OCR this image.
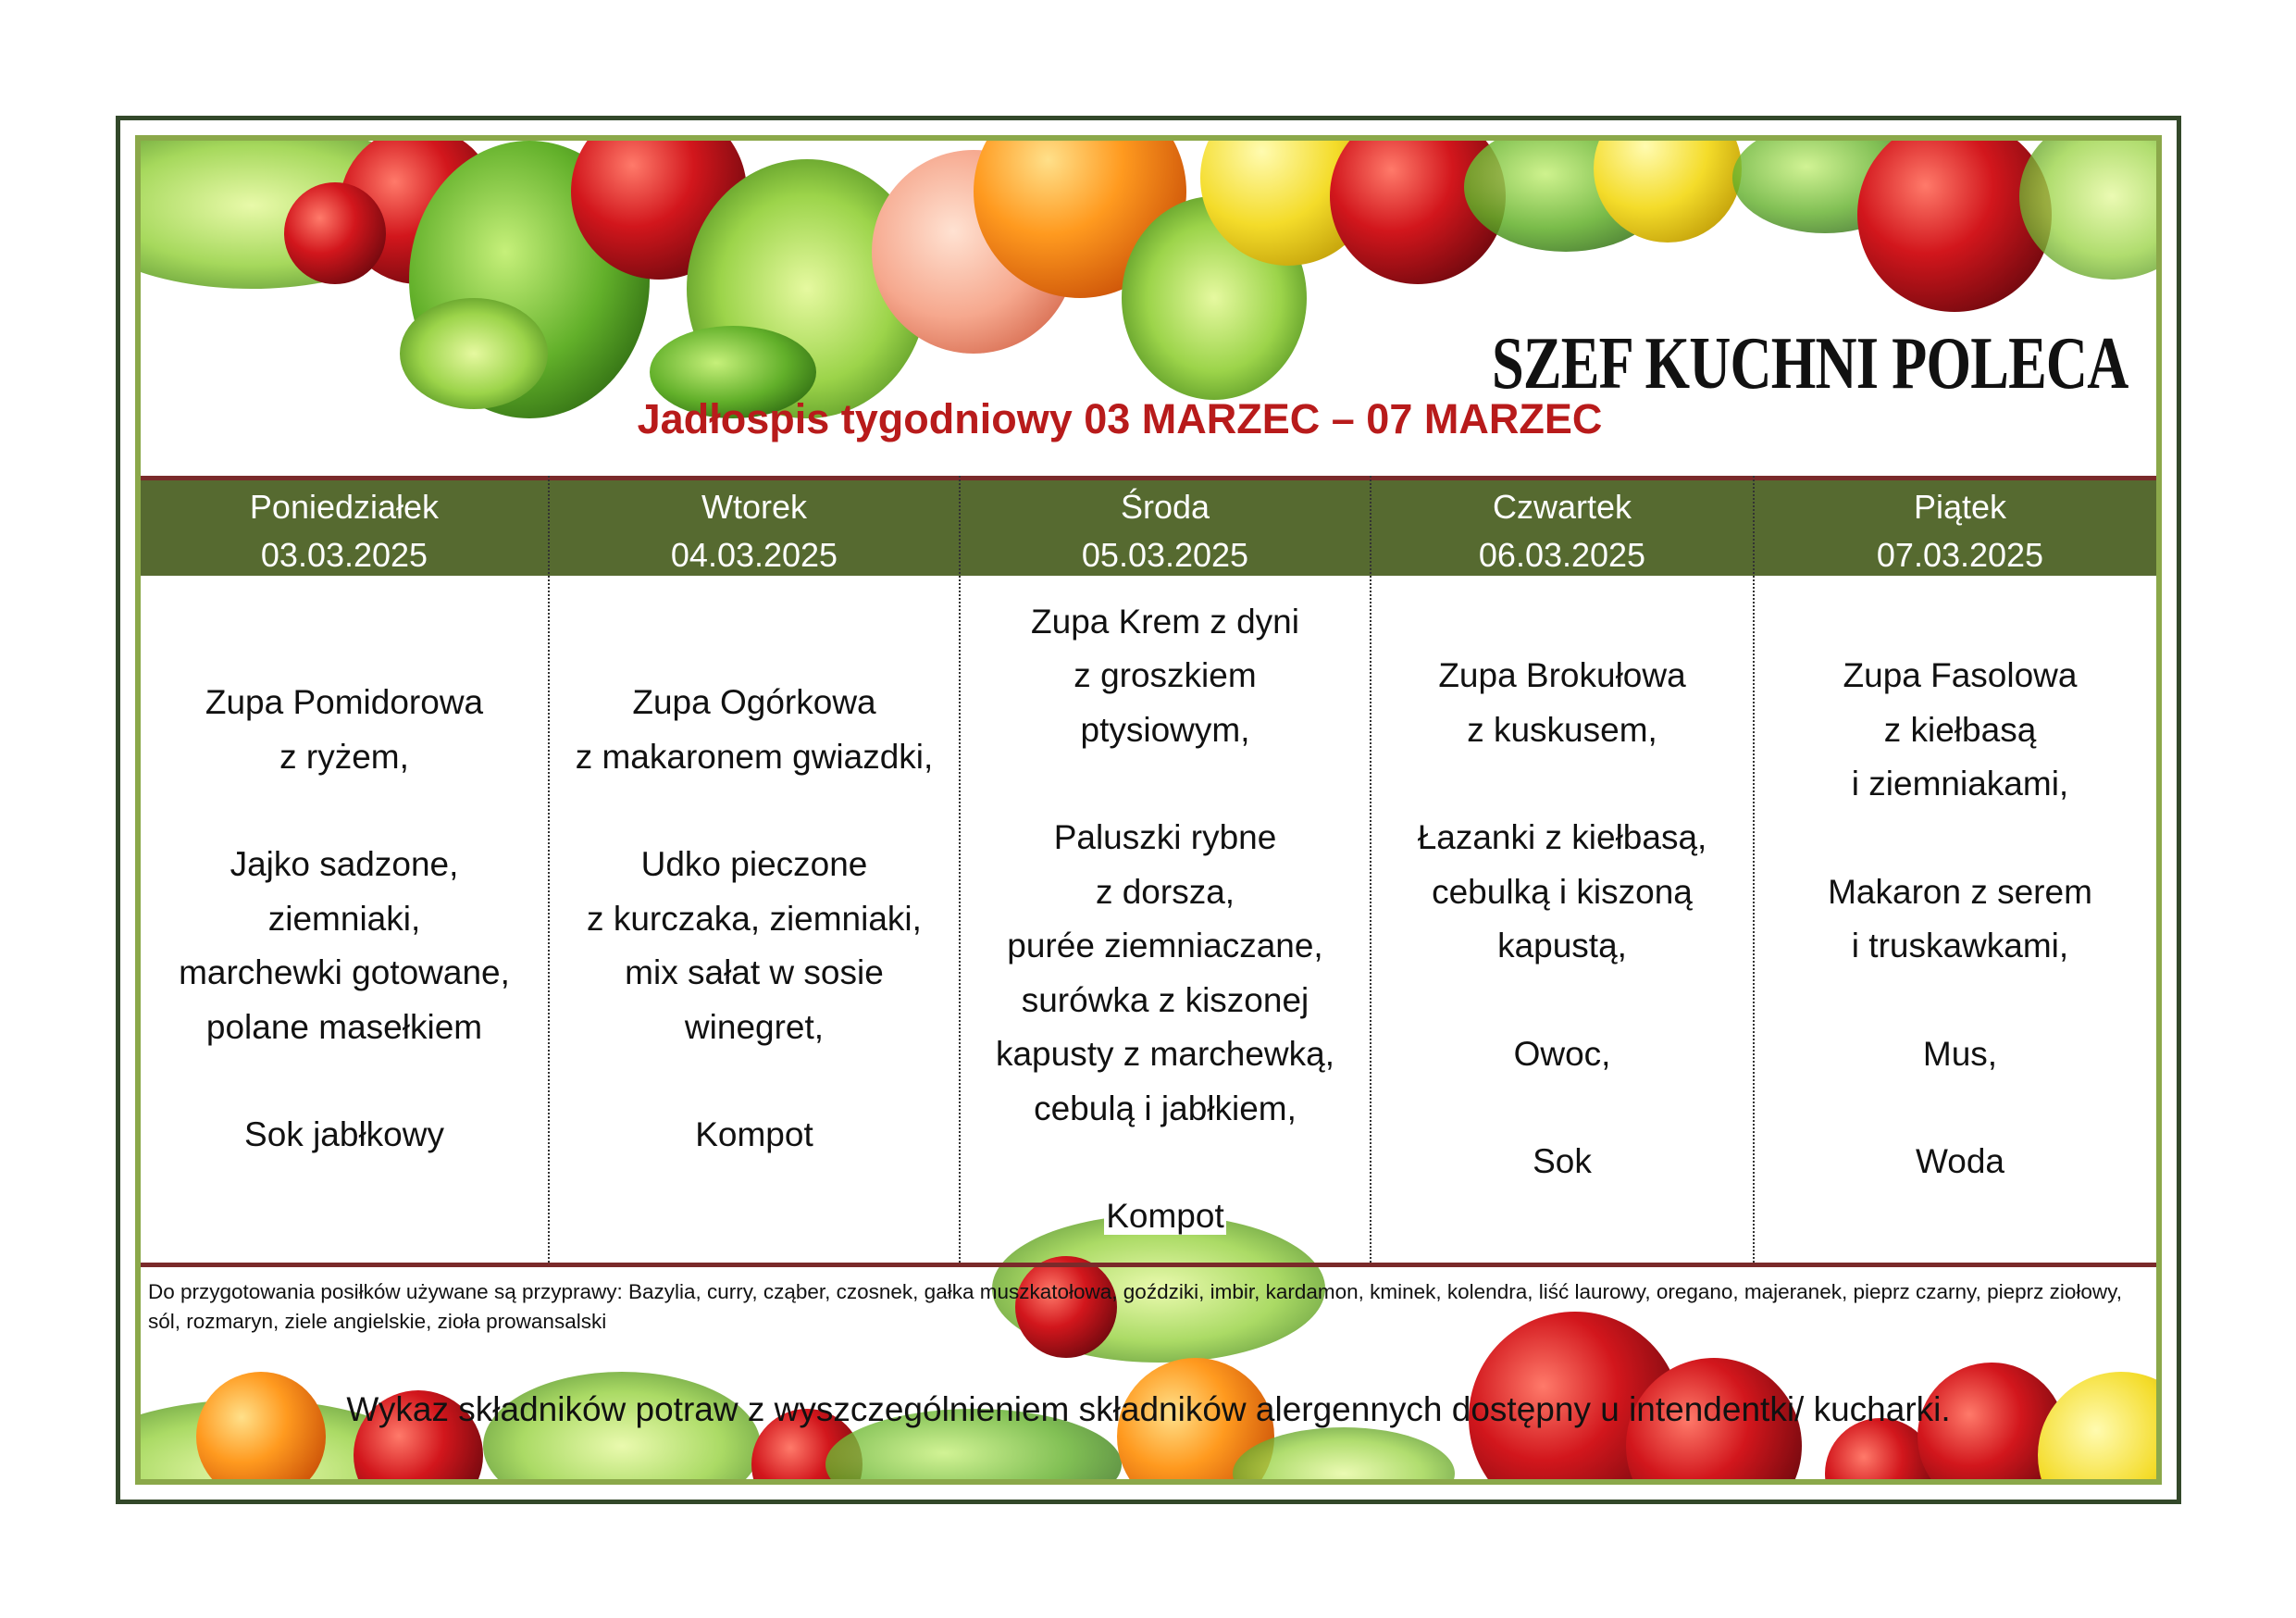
SZEF KUCHNI POLECA
Jadłospis tygodniowy 03 MARZEC – 07 MARZEC
Poniedziałek
03.03.2025
Zupa Pomidorowa
z ryżem,
Jajko sadzone,
ziemniaki,
marchewki gotowane,
polane masełkiem
Sok jabłkowy
Wtorek
04.03.2025
Zupa Ogórkowa
z makaronem gwiazdki,
Udko pieczone
z kurczaka, ziemniaki,
mix sałat w sosie
winegret,
Kompot
Środa
05.03.2025
Zupa Krem z dyni
z groszkiem
ptysiowym,
Paluszki rybne
z dorsza,
purée ziemniaczane,
surówka z kiszonej
kapusty z marchewką,
cebulą i jabłkiem,
Kompot
Czwartek
06.03.2025
Zupa Brokułowa
z kuskusem,
Łazanki z kiełbasą,
cebulką i kiszoną
kapustą,
Owoc,
Sok
Piątek
07.03.2025
Zupa Fasolowa
z kiełbasą
i ziemniakami,
Makaron z serem
i truskawkami,
Mus,
Woda
Do przygotowania posiłków używane są przyprawy: Bazylia, curry, cząber, czosnek, gałka muszkatołowa, goździki, imbir, kardamon, kminek, kolendra, liść laurowy, oregano, majeranek, pieprz czarny, pieprz ziołowy, sól, rozmaryn, ziele angielskie, zioła prowansalski
Wykaz składników potraw z wyszczególnieniem składników alergennych dostępny u intendentki/ kucharki.
